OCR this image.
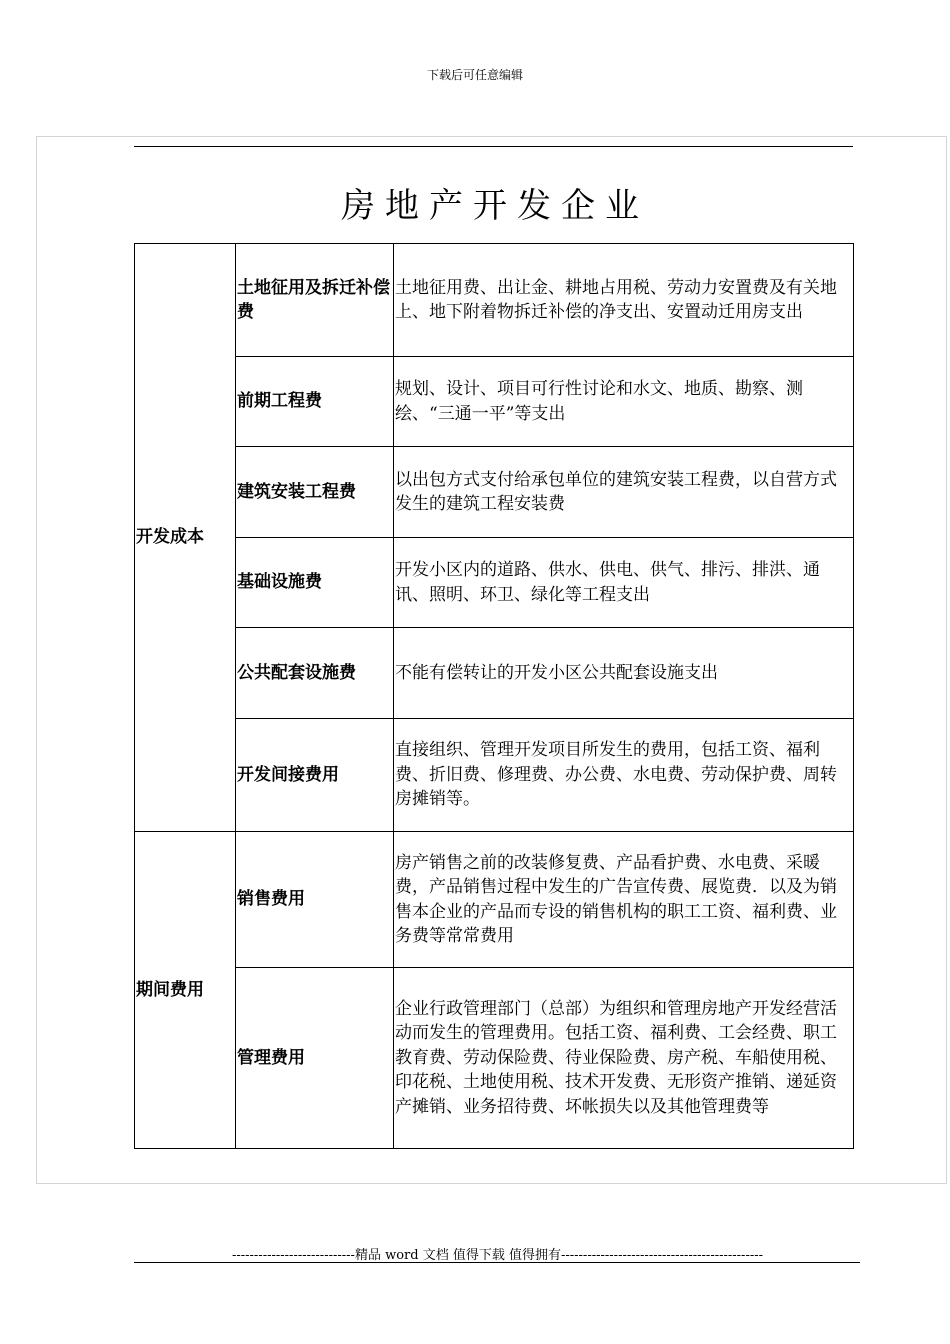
下载后可任意编辑
房地产开发企业
开发成本	土地征用及拆迁补偿费	土地征用费、出让金、耕地占用税、劳动力安置费及有关地上、地下附着物拆迁补偿的净支出、安置动迁用房支出
	前期工程费	规划、设计、项目可行性讨论和水文、地质、勘察、测绘、“三通一平”等支出
	建筑安装工程费	以出包方式支付给承包单位的建筑安装工程费，以自营方式发生的建筑工程安装费
	基础设施费	开发小区内的道路、供水、供电、供气、排污、排洪、通讯、照明、环卫、绿化等工程支出
	公共配套设施费	不能有偿转让的开发小区公共配套设施支出
	开发间接费用	直接组织、管理开发项目所发生的费用，包括工资、福利费、折旧费、修理费、办公费、水电费、劳动保护费、周转房摊销等。
期间费用	销售费用	房产销售之前的改装修复费、产品看护费、水电费、采暖费，产品销售过程中发生的广告宣传费、展览费．以及为销售本企业的产品而专设的销售机构的职工工资、福利费、业务费等常常费用
	管理费用	企业行政管理部门（总部）为组织和管理房地产开发经营活动而发生的管理费用。包括工资、福利费、工会经费、职工教育费、劳动保险费、待业保险费、房产税、车船使用税、印花税、土地使用税、技术开发费、无形资产推销、递延资产摊销、业务招待费、坏帐损失以及其他管理费等
----------------------------精品 word 文档 值得下载 值得拥有----------------------------------------------
